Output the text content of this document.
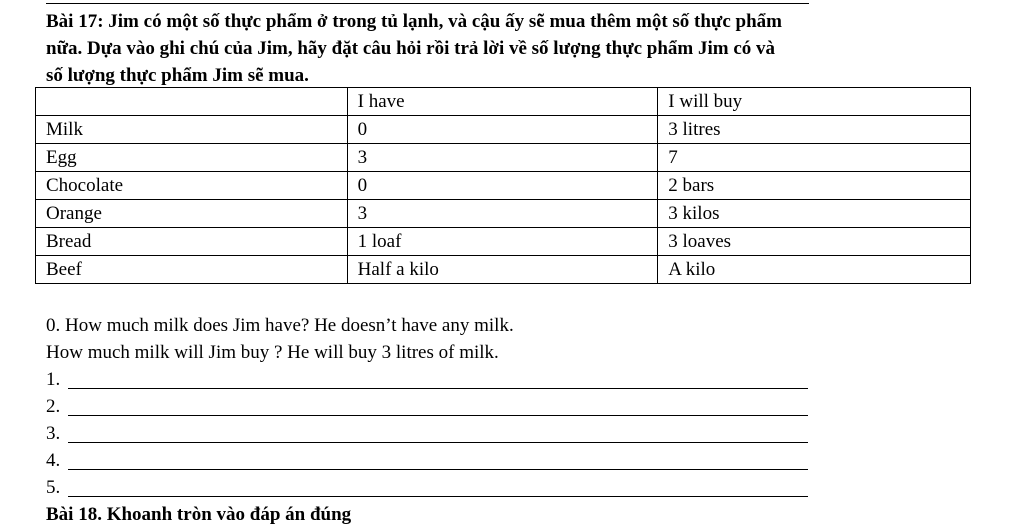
Bài 17: Jim có một số thực phẩm ở trong tủ lạnh, và cậu ấy sẽ mua thêm một số thực phẩm
nữa. Dựa vào ghi chú của Jim, hãy đặt câu hỏi rồi trả lời về số lượng thực phẩm Jim có và
số lượng thực phẩm Jim sẽ mua.
	I have	I will buy
Milk	0	3 litres
Egg	3	7
Chocolate	0	2 bars
Orange	3	3 kilos
Bread	1 loaf	3 loaves
Beef	Half a kilo	A kilo
0. How much milk does Jim have? He doesn’t have any milk.
How much milk will Jim buy ? He will buy 3 litres of milk.
1.
2.
3.
4.
5.
Bài 18. Khoanh tròn vào đáp án đúng
